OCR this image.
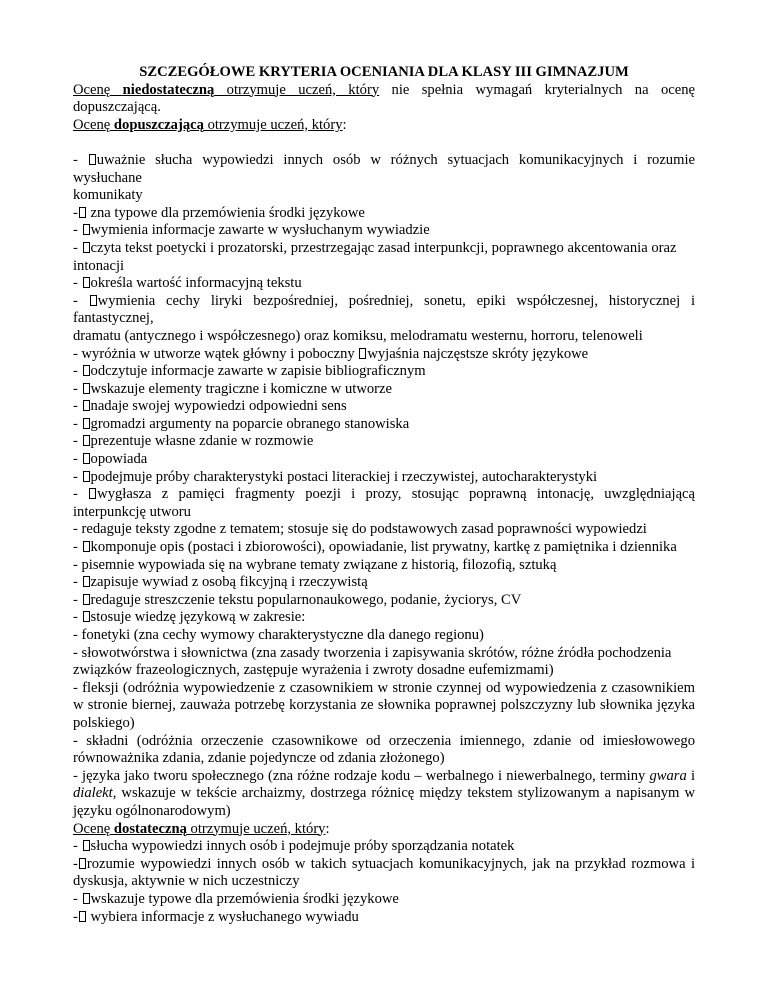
SZCZEGÓŁOWE KRYTERIA OCENIANIA DLA KLASY III GIMNAZJUM
Ocenę niedostateczną otrzymuje uczeń, który nie spełnia wymagań kryterialnych na ocenę dopuszczającą.
Ocenę dopuszczającą otrzymuje uczeń, który:
- uważnie słucha wypowiedzi innych osób w różnych sytuacjach komunikacyjnych i rozumie wysłuchane
komunikaty
- zna typowe dla przemówienia środki językowe
- wymienia informacje zawarte w wysłuchanym wywiadzie
- czyta tekst poetycki i prozatorski, przestrzegając zasad interpunkcji, poprawnego akcentowania oraz
intonacji
- określa wartość informacyjną tekstu
- wymienia cechy liryki bezpośredniej, pośredniej, sonetu, epiki współczesnej, historycznej i fantastycznej,
dramatu (antycznego i współczesnego) oraz komiksu, melodramatu westernu, horroru, telenoweli
- wyróżnia w utworze wątek główny i poboczny wyjaśnia najczęstsze skróty językowe
- odczytuje informacje zawarte w zapisie bibliograficznym
- wskazuje elementy tragiczne i komiczne w utworze
- nadaje swojej wypowiedzi odpowiedni sens
- gromadzi argumenty na poparcie obranego stanowiska
- prezentuje własne zdanie w rozmowie
- opowiada
- podejmuje próby charakterystyki postaci literackiej i rzeczywistej, autocharakterystyki
- wygłasza z pamięci fragmenty poezji i prozy, stosując poprawną intonację, uwzględniającą interpunkcję utworu
- redaguje teksty zgodne z tematem; stosuje się do podstawowych zasad poprawności wypowiedzi
- komponuje opis (postaci i zbiorowości), opowiadanie, list prywatny, kartkę z pamiętnika i dziennika
- pisemnie wypowiada się na wybrane tematy związane z historią, filozofią, sztuką
- zapisuje wywiad z osobą fikcyjną i rzeczywistą
- redaguje streszczenie tekstu popularnonaukowego, podanie, życiorys, CV
- stosuje wiedzę językową w zakresie:
- fonetyki (zna cechy wymowy charakterystyczne dla danego regionu)
- słowotwórstwa i słownictwa (zna zasady tworzenia i zapisywania skrótów, różne źródła pochodzenia
związków frazeologicznych, zastępuje wyrażenia i zwroty dosadne eufemizmami)
- fleksji (odróżnia wypowiedzenie z czasownikiem w stronie czynnej od wypowiedzenia z czasownikiem w stronie biernej, zauważa potrzebę korzystania ze słownika poprawnej polszczyzny lub słownika języka polskiego)
- składni (odróżnia orzeczenie czasownikowe od orzeczenia imiennego, zdanie od imiesłowowego równoważnika zdania, zdanie pojedyncze od zdania złożonego)
- języka jako tworu społecznego (zna różne rodzaje kodu – werbalnego i niewerbalnego, terminy gwara i dialekt, wskazuje w tekście archaizmy, dostrzega różnicę między tekstem stylizowanym a napisanym w języku ogólnonarodowym)
Ocenę dostateczną otrzymuje uczeń, który:
- słucha wypowiedzi innych osób i podejmuje próby sporządzania notatek
- rozumie wypowiedzi innych osób w takich sytuacjach komunikacyjnych, jak na przykład rozmowa i dyskusja, aktywnie w nich uczestniczy
- wskazuje typowe dla przemówienia środki językowe
- wybiera informacje z wysłuchanego wywiadu
